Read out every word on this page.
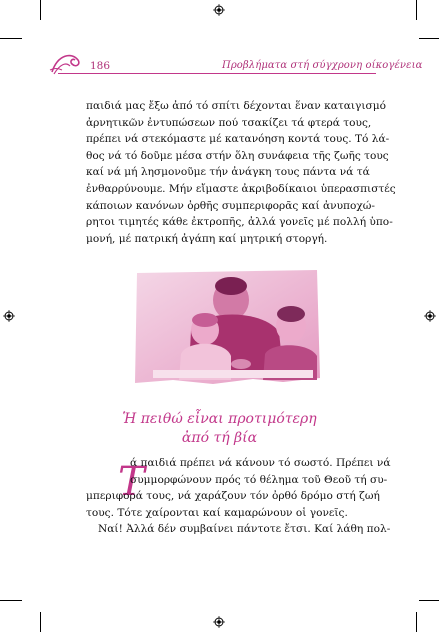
186	Προβλήματα στή σύγχρονη οίκογένεια
παιδιά μας ἔξω ἀπό τό σπίτι δέχονται ἕναν καταιγισμό
ἀρνητικῶν ἐντυπώσεων πού τσακίζει τά φτερά τους,
πρέπει νά στεκόμαστε μέ κατανόηση κοντά τους. Τό λά-
θος νά τό δοῦμε μέσα στήν ὅλη συνάφεια τῆς ζωῆς τους
καί νά μή λησμονοῦμε τήν ἀνάγκη τους πάντα νά τά
ἐνθαρρύνουμε. Μήν εἴμαστε ἀκριβοδίκαιοι ὑπερασπιστές
κάποιων κανόνων ὀρθῆς συμπεριφορᾶς καί ἀνυποχώ-
ρητοι τιμητές κάθε ἐκτροπῆς, ἀλλά γονεῖς μέ πολλή ὑπο-
μονή, μέ πατρική ἀγάπη καί μητρική στοργή.
Ἡ πειθώ εἶναι προτιμότερη
ἀπό τή βία
Τ
ά παιδιά πρέπει νά κάνουν τό σωστό. Πρέπει νά
συμμορφώνουν πρός τό θέλημα τοῦ Θεοῦ τή συ-
μπεριφορά τους, νά χαράζουν τόν ὀρθό δρόμο στή ζωή
τους. Τότε χαίρονται καί καμαρώνουν οἱ γονεῖς.
Ναί! Ἀλλά δέν συμβαίνει πάντοτε ἔτσι. Καί λάθη πολ-
